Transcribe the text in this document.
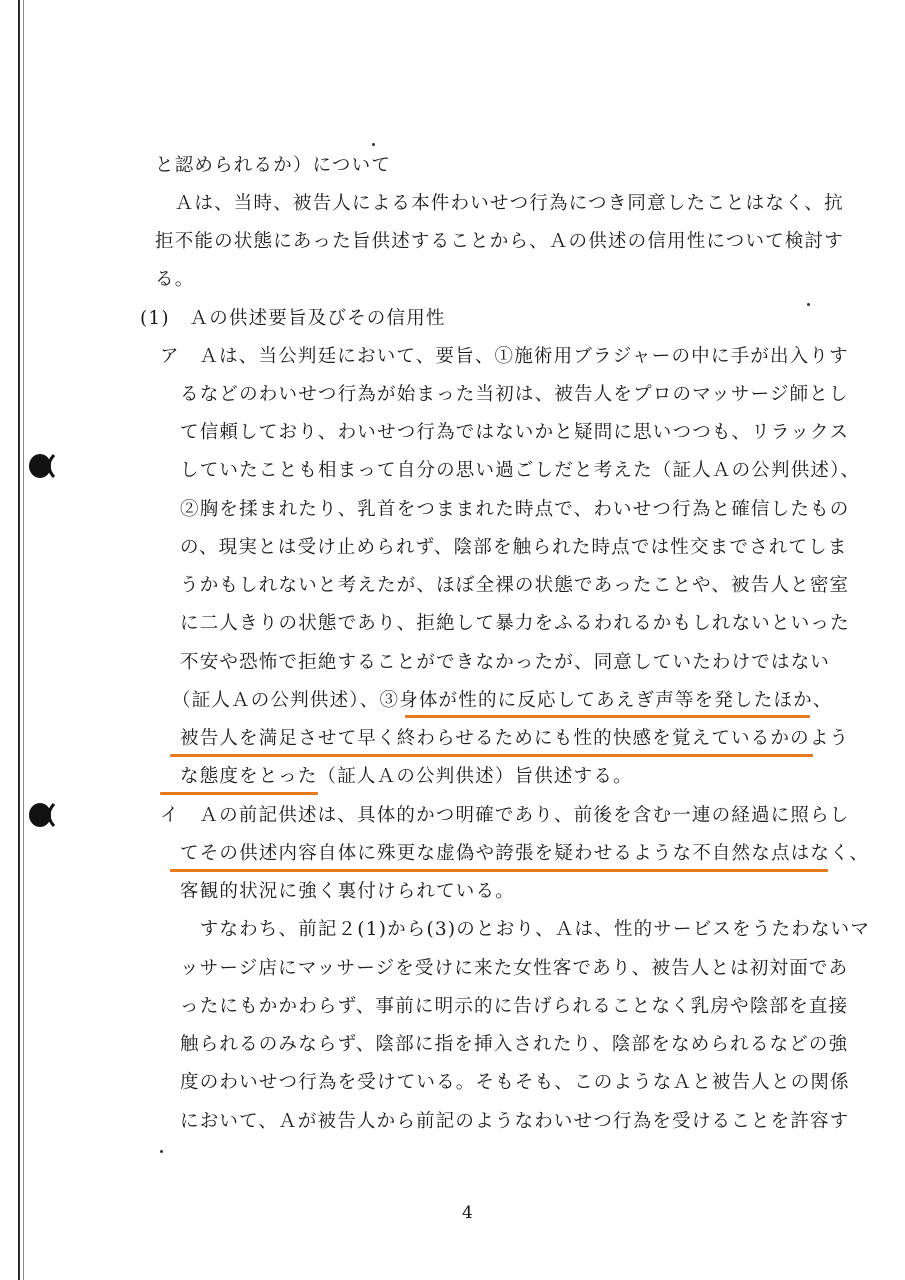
と認められるか）について
　Ａは、当時、被告人による本件わいせつ行為につき同意したことはなく、抗
拒不能の状態にあった旨供述することから、Ａの供述の信用性について検討す
る。
(1)　Ａの供述要旨及びその信用性
ア　Ａは、当公判廷において、要旨、①施術用ブラジャーの中に手が出入りす
るなどのわいせつ行為が始まった当初は、被告人をプロのマッサージ師とし
て信頼しており、わいせつ行為ではないかと疑問に思いつつも、リラックス
していたことも相まって自分の思い過ごしだと考えた（証人Ａの公判供述）、
②胸を揉まれたり、乳首をつままれた時点で、わいせつ行為と確信したもの
の、現実とは受け止められず、陰部を触られた時点では性交までされてしま
うかもしれないと考えたが、ほぼ全裸の状態であったことや、被告人と密室
に二人きりの状態であり、拒絶して暴力をふるわれるかもしれないといった
不安や恐怖で拒絶することができなかったが、同意していたわけではない
（証人Ａの公判供述）、③身体が性的に反応してあえぎ声等を発したほか、
被告人を満足させて早く終わらせるためにも性的快感を覚えているかのよう
な態度をとった（証人Ａの公判供述）旨供述する。
イ　Ａの前記供述は、具体的かつ明確であり、前後を含む一連の経過に照らし
てその供述内容自体に殊更な虚偽や誇張を疑わせるような不自然な点はなく、
客観的状況に強く裏付けられている。
　すなわち、前記２(1)から(3)のとおり、Ａは、性的サービスをうたわないマ
ッサージ店にマッサージを受けに来た女性客であり、被告人とは初対面であ
ったにもかかわらず、事前に明示的に告げられることなく乳房や陰部を直接
触られるのみならず、陰部に指を挿入されたり、陰部をなめられるなどの強
度のわいせつ行為を受けている。そもそも、このようなＡと被告人との関係
において、Ａが被告人から前記のようなわいせつ行為を受けることを許容す
4
